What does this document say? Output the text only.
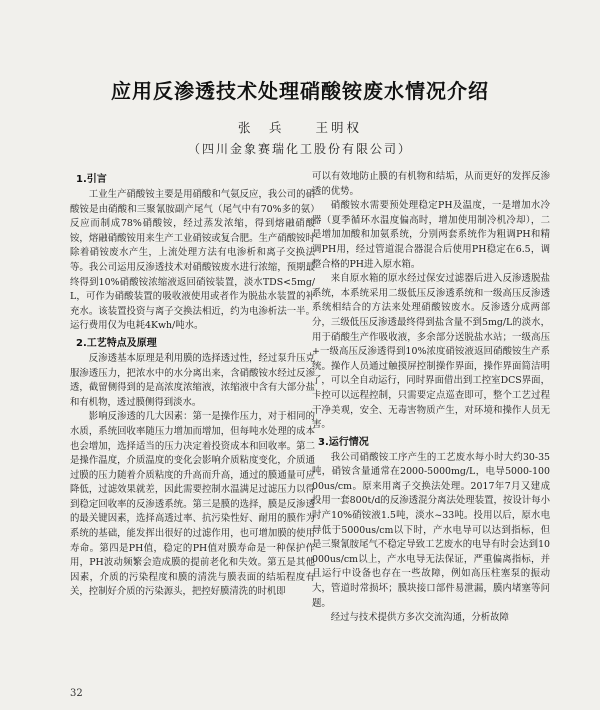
应用反渗透技术处理硝酸铵废水情况介绍
张　兵　　王明权
（四川金象赛瑞化工股份有限公司）
1.引言

工业生产硝酸铵主要是用硝酸和气氨反应，我公司的硝酸铵是由硝酸和三聚氰胺副产尾气（尾气中有70%多的氨）反应而制成78%硝酸铵，经过蒸发浓缩，得到熔融硝酸铵，熔融硝酸铵用来生产工业硝铵或复合肥。生产硝酸铵时除着硝铵废水产生，上流处理方法有电渗析和离子交换法等。我公司运用反渗透技术对硝酸铵废水进行浓缩，预期最终得到10%硝酸铵浓缩液返回硝铵装置，淡水TDS<5mg/L，可作为硝酸装置的吸收液使用或者作为脱盐水装置的补充水。该装置投资与离子交换法相近，约为电渗析法一半。运行费用仅为电耗4Kwh/吨水。

2.工艺特点及原理

反渗透基本原理是利用膜的选择透过性，经过泵升压克服渗透压力，把浓水中的水分离出来，含硝酸铵水经过反渗透，截留侧得到的是高浓度浓缩液，浓缩液中含有大部分盐和有机物，透过膜侧得到淡水。

影响反渗透的几大因素：第一是操作压力，对于相同的水质，系统回收率随压力增加而增加，但每吨水处理的成本也会增加，选择适当的压力决定着投资成本和回收率。第二是操作温度，介质温度的变化会影响介质粘度变化，介质通过膜的压力随着介质粘度的升高而升高，通过的膜通量可应降低，过滤效果就差，因此需要控制水温满足过滤压力以得到稳定回收率的反渗透系统。第三是膜的选择，膜是反渗透的最关键因素，选择高透过率、抗污染性好、耐用的膜作为系统的基础，能发挥出很好的过滤作用，也可增加膜的使用寿命。第四是PH值，稳定的PH值对膜寿命是一种保护作用，PH波动频繁会造成膜的提前老化和失效。第五是其他因素，介质的污染程度和膜的清洗与膜表面的结垢程度有关，控制好介质的污染源头，把控好膜清洗的时机即

可以有效地防止膜的有机物和结垢，从而更好的发挥反渗透的优势。

硝酸铵水需要预处理稳定PH及温度，一是增加水冷器（夏季循环水温度偏高时，增加使用制冷机冷却），二是增加加酸和加氨系统，分别两套系统作为粗调PH和精调PH用，经过管道混合器混合后使用PH稳定在6.5，调整合格的PH进入原水箱。

来自原水箱的原水经过保安过滤器后进入反渗透脱盐系统，本系统采用二级低压反渗透系统和一级高压反渗透系统相结合的方法来处理硝酸铵废水。反渗透分成两部分，三级低压反渗透最终得到盐含量不到5mg/L的淡水，用于硝酸生产作吸收液，多余部分送脱盐水站；一级高压+一级高压反渗透得到10%浓度硝铵液返回硝酸铵生产系统。操作人员通过触摸屏控制操作界面，操作界面简洁明了，可以全自动运行，同时界面借出到工控室DCS界面，卡控可以远程控制，只需要定点巡查即可，整个工艺过程干净美观，安全、无毒害物质产生，对环境和操作人员无害。

3.运行情况

我公司硝酸铵工序产生的工艺废水每小时大约30-35吨，硝铵含量通常在2000-5000mg/L，电导5000-10000us/cm。原来用离子交换法处理。2017年7月又建成投用一套800t/d的反渗透混分离法处理装置，按设计每小时产10%硝铵液1.5吨，淡水~33吨。投用以后，原水电导低于5000us/cm以下时，产水电导可以达到指标，但是三聚氰胺尾气不稳定导致工艺废水的电导有时会达到10000us/cm以上，产水电导无法保证，严重偏离指标，并且运行中设备也存在一些故障，例如高压柱塞泵的振动大，管道时常损坏；膜块接口部件易泄漏，膜内堵塞等问题。

经过与技术提供方多次交流沟通，分析故障

32
